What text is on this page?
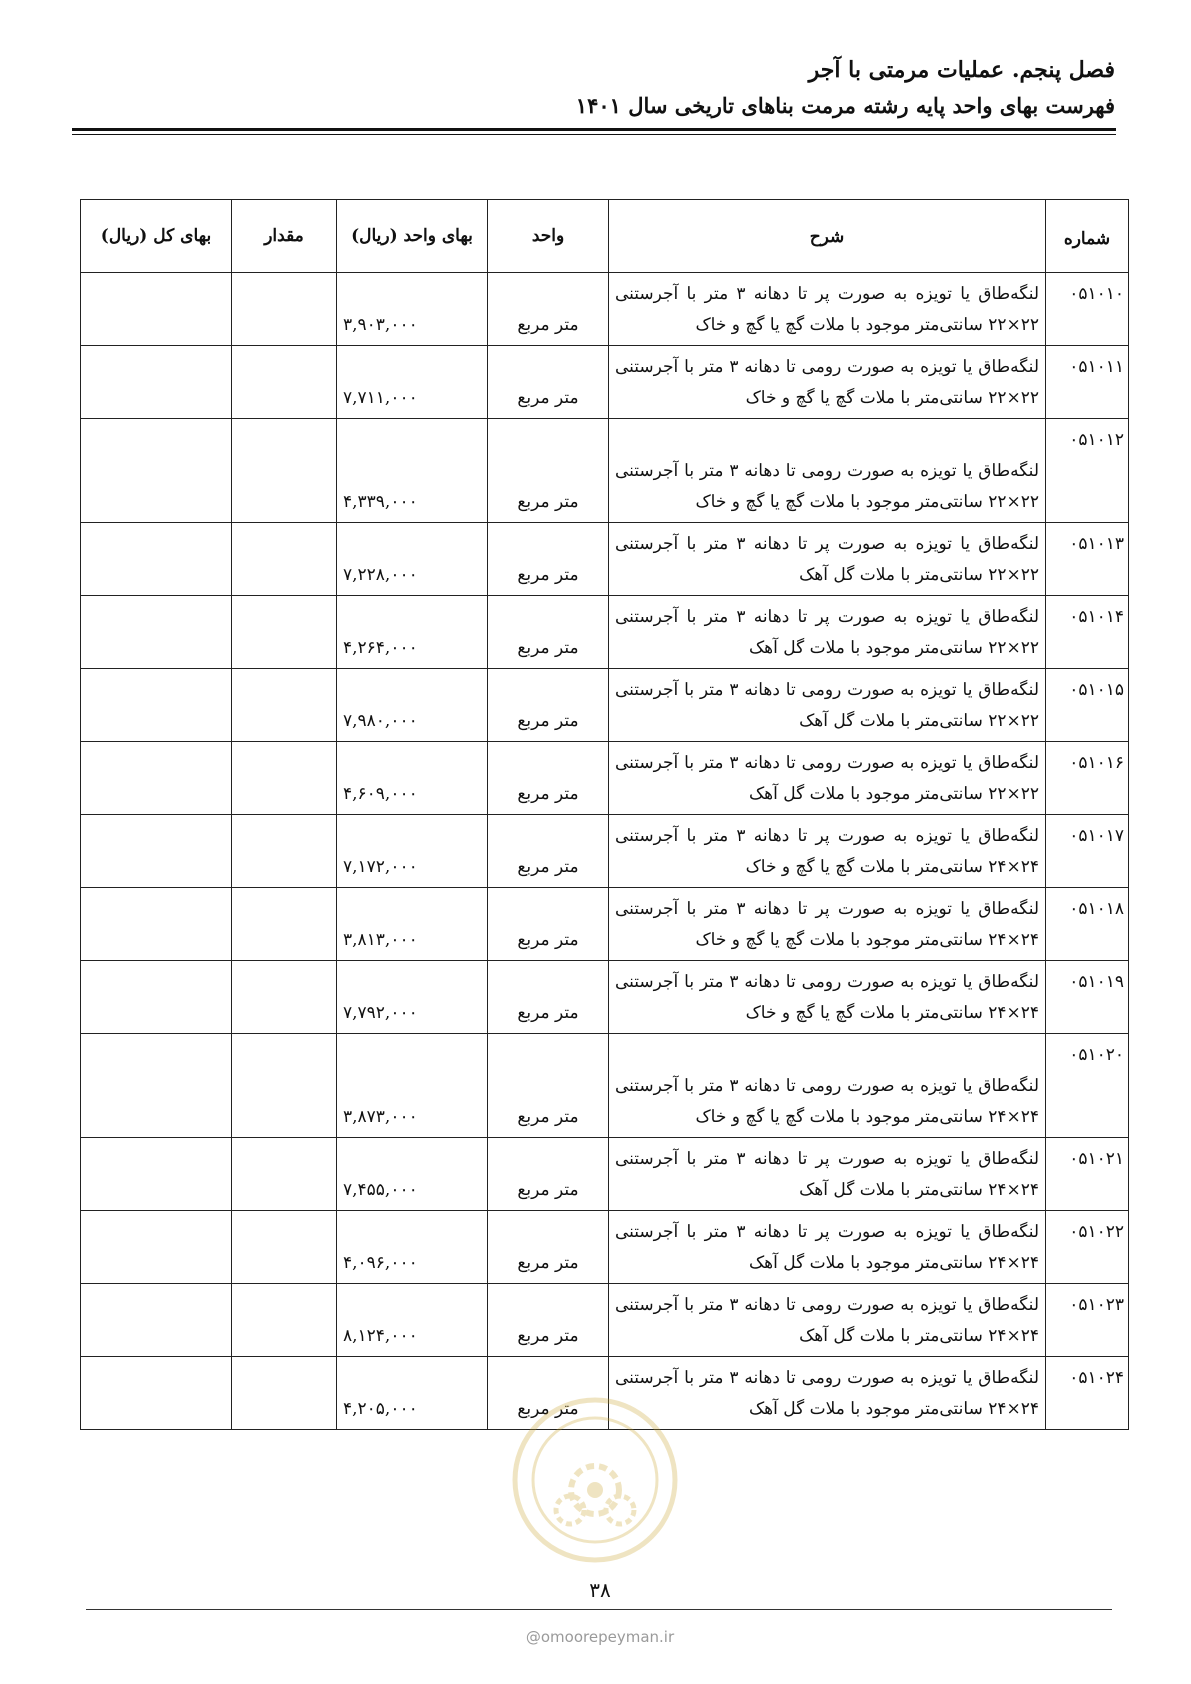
فصل پنجم. عملیات مرمتی با آجر
فهرست بهای واحد پایه رشته مرمت بناهای تاریخی سال ۱۴۰۱
شماره	شرح	واحد	بهای واحد (ریال)	مقدار	بهای کل (ریال)
۰۵۱۰۱۰	لنگه‌طاق یا تویزه به صورت پر تا دهانه ۳ متر با آجرستنی ۲۲×۲۲ سانتی‌متر موجود با ملات گچ یا گچ و خاک	متر مربع	۳,۹۰۳,۰۰۰		
۰۵۱۰۱۱	لنگه‌طاق یا تویزه به صورت رومی تا دهانه ۳ متر با آجرستنی ۲۲×۲۲ سانتی‌متر با ملات گچ یا گچ و خاک	متر مربع	۷,۷۱۱,۰۰۰		
۰۵۱۰۱۲	لنگه‌طاق یا تویزه به صورت رومی تا دهانه ۳ متر با آجرستنی ۲۲×۲۲ سانتی‌متر موجود با ملات گچ یا گچ و خاک	متر مربع	۴,۳۳۹,۰۰۰		
۰۵۱۰۱۳	لنگه‌طاق یا تویزه به صورت پر تا دهانه ۳ متر با آجرستنی ۲۲×۲۲ سانتی‌متر با ملات گل آهک	متر مربع	۷,۲۲۸,۰۰۰		
۰۵۱۰۱۴	لنگه‌طاق یا تویزه به صورت پر تا دهانه ۳ متر با آجرستنی ۲۲×۲۲ سانتی‌متر موجود با ملات گل آهک	متر مربع	۴,۲۶۴,۰۰۰		
۰۵۱۰۱۵	لنگه‌طاق یا تویزه به صورت رومی تا دهانه ۳ متر با آجرستنی ۲۲×۲۲ سانتی‌متر با ملات گل آهک	متر مربع	۷,۹۸۰,۰۰۰		
۰۵۱۰۱۶	لنگه‌طاق یا تویزه به صورت رومی تا دهانه ۳ متر با آجرستنی ۲۲×۲۲ سانتی‌متر موجود با ملات گل آهک	متر مربع	۴,۶۰۹,۰۰۰		
۰۵۱۰۱۷	لنگه‌طاق یا تویزه به صورت پر تا دهانه ۳ متر با آجرستنی ۲۴×۲۴ سانتی‌متر با ملات گچ یا گچ و خاک	متر مربع	۷,۱۷۲,۰۰۰		
۰۵۱۰۱۸	لنگه‌طاق یا تویزه به صورت پر تا دهانه ۳ متر با آجرستنی ۲۴×۲۴ سانتی‌متر موجود با ملات گچ یا گچ و خاک	متر مربع	۳,۸۱۳,۰۰۰		
۰۵۱۰۱۹	لنگه‌طاق یا تویزه به صورت رومی تا دهانه ۳ متر با آجرستنی ۲۴×۲۴ سانتی‌متر با ملات گچ یا گچ و خاک	متر مربع	۷,۷۹۲,۰۰۰		
۰۵۱۰۲۰	لنگه‌طاق یا تویزه به صورت رومی تا دهانه ۳ متر با آجرستنی ۲۴×۲۴ سانتی‌متر موجود با ملات گچ یا گچ و خاک	متر مربع	۳,۸۷۳,۰۰۰		
۰۵۱۰۲۱	لنگه‌طاق یا تویزه به صورت پر تا دهانه ۳ متر با آجرستنی ۲۴×۲۴ سانتی‌متر با ملات گل آهک	متر مربع	۷,۴۵۵,۰۰۰		
۰۵۱۰۲۲	لنگه‌طاق یا تویزه به صورت پر تا دهانه ۳ متر با آجرستنی ۲۴×۲۴ سانتی‌متر موجود با ملات گل آهک	متر مربع	۴,۰۹۶,۰۰۰		
۰۵۱۰۲۳	لنگه‌طاق یا تویزه به صورت رومی تا دهانه ۳ متر با آجرستنی ۲۴×۲۴ سانتی‌متر با ملات گل آهک	متر مربع	۸,۱۲۴,۰۰۰		
۰۵۱۰۲۴	لنگه‌طاق یا تویزه به صورت رومی تا دهانه ۳ متر با آجرستنی ۲۴×۲۴ سانتی‌متر موجود با ملات گل آهک	متر مربع	۴,۲۰۵,۰۰۰		
۳۸
@omoorepeyman.ir
